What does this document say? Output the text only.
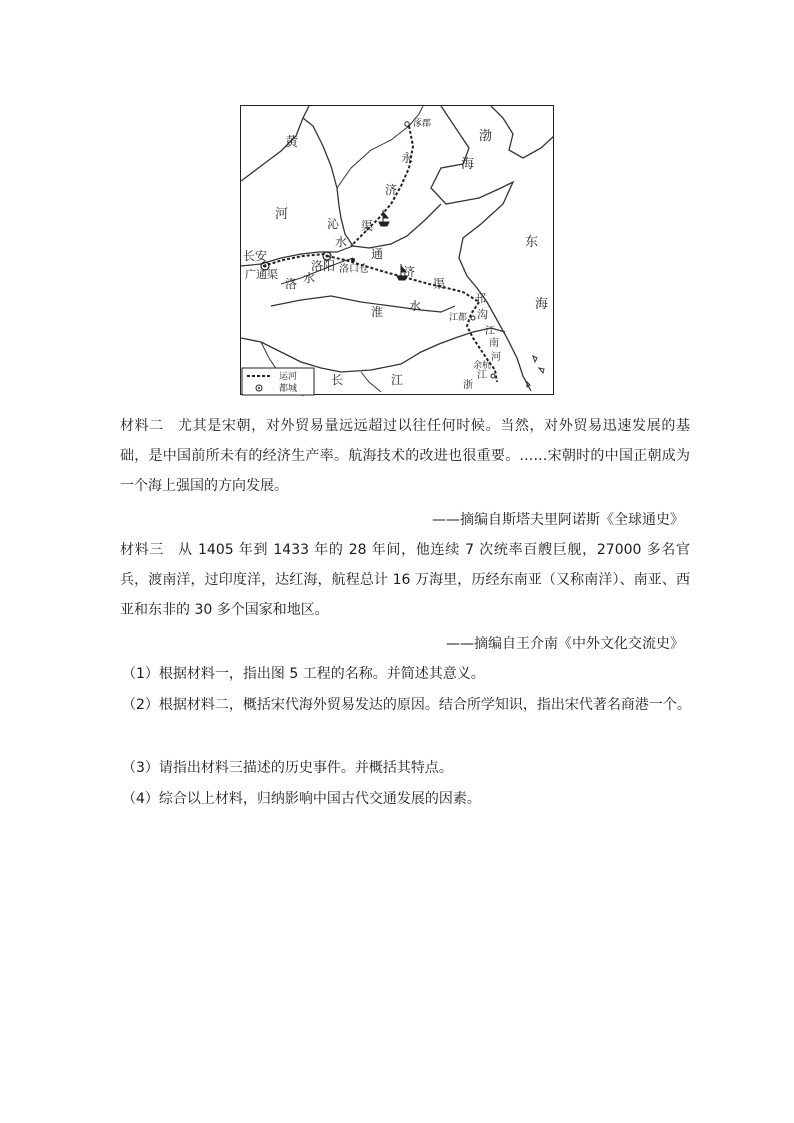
黄
河
渤
海
东
海
长	江
洛 水
淮 水
永
济
渠
沁
水
通
济
渠
邗
沟
江
南
河
广通渠
涿郡
长安
洛阳 洛口仓
江都
余杭
浙
江
运河
都城

材料二 尤其是宋朝，对外贸易量远远超过以往任何时候。当然，对外贸易迅速发展的基础，是中国前所未有的经济生产率。航海技术的改进也很重要。……宋朝时的中国正朝成为一个海上强国的方向发展。

——摘编自斯塔夫里阿诺斯《全球通史》

材料三 从 1405 年到 1433 年的 28 年间，他连续 7 次统率百艘巨舰，27000 多名官兵，渡南洋，过印度洋，达红海，航程总计 16 万海里，历经东南亚（又称南洋）、南亚、西亚和东非的 30 多个国家和地区。

——摘编自王介南《中外文化交流史》

（1）根据材料一，指出图 5 工程的名称。并简述其意义。

（2）根据材料二，概括宋代海外贸易发达的原因。结合所学知识，指出宋代著名商港一个。

（3）请指出材料三描述的历史事件。并概括其特点。

（4）综合以上材料，归纳影响中国古代交通发展的因素。
